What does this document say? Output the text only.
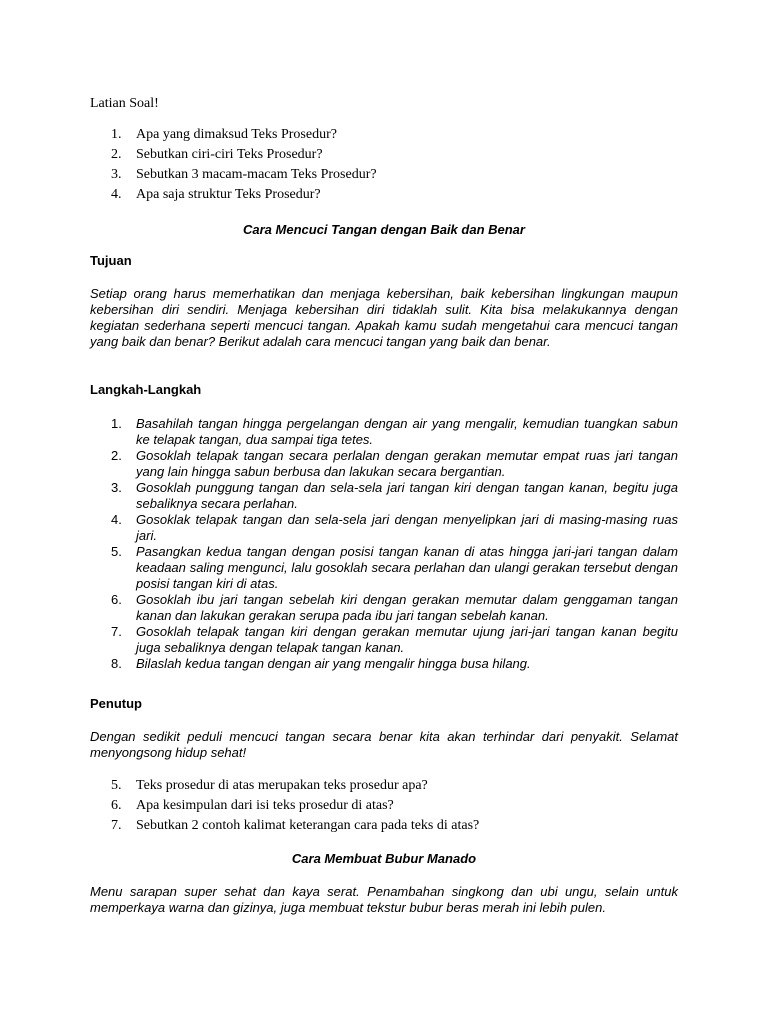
Latian Soal!
1. Apa yang dimaksud Teks Prosedur?
2. Sebutkan ciri-ciri Teks Prosedur?
3. Sebutkan 3 macam-macam Teks Prosedur?
4. Apa saja struktur Teks Prosedur?
Cara Mencuci Tangan dengan Baik dan Benar
Tujuan
Setiap orang harus memerhatikan dan menjaga kebersihan, baik kebersihan lingkungan maupun kebersihan diri sendiri. Menjaga kebersihan diri tidaklah sulit. Kita bisa melakukannya dengan kegiatan sederhana seperti mencuci tangan. Apakah kamu sudah mengetahui cara mencuci tangan yang baik dan benar? Berikut adalah cara mencuci tangan yang baik dan benar.
Langkah-Langkah
1. Basahilah tangan hingga pergelangan dengan air yang mengalir, kemudian tuangkan sabun ke telapak tangan, dua sampai tiga tetes.
2. Gosoklah telapak tangan secara perlalan dengan gerakan memutar empat ruas jari tangan yang lain hingga sabun berbusa dan lakukan secara bergantian.
3. Gosoklah punggung tangan dan sela-sela jari tangan kiri dengan tangan kanan, begitu juga sebaliknya secara perlahan.
4. Gosoklak telapak tangan dan sela-sela jari dengan menyelipkan jari di masing-masing ruas jari.
5. Pasangkan kedua tangan dengan posisi tangan kanan di atas hingga jari-jari tangan dalam keadaan saling mengunci, lalu gosoklah secara perlahan dan ulangi gerakan tersebut dengan posisi tangan kiri di atas.
6. Gosoklah ibu jari tangan sebelah kiri dengan gerakan memutar dalam genggaman tangan kanan dan lakukan gerakan serupa pada ibu jari tangan sebelah kanan.
7. Gosoklah telapak tangan kiri dengan gerakan memutar ujung jari-jari tangan kanan begitu juga sebaliknya dengan telapak tangan kanan.
8. Bilaslah kedua tangan dengan air yang mengalir hingga busa hilang.
Penutup
Dengan sedikit peduli mencuci tangan secara benar kita akan terhindar dari penyakit. Selamat menyongsong hidup sehat!
5. Teks prosedur di atas merupakan teks prosedur apa?
6. Apa kesimpulan dari isi teks prosedur di atas?
7. Sebutkan 2 contoh kalimat keterangan cara pada teks di atas?
Cara Membuat Bubur Manado
Menu sarapan super sehat dan kaya serat. Penambahan singkong dan ubi ungu, selain untuk memperkaya warna dan gizinya, juga membuat tekstur bubur beras merah ini lebih pulen.
